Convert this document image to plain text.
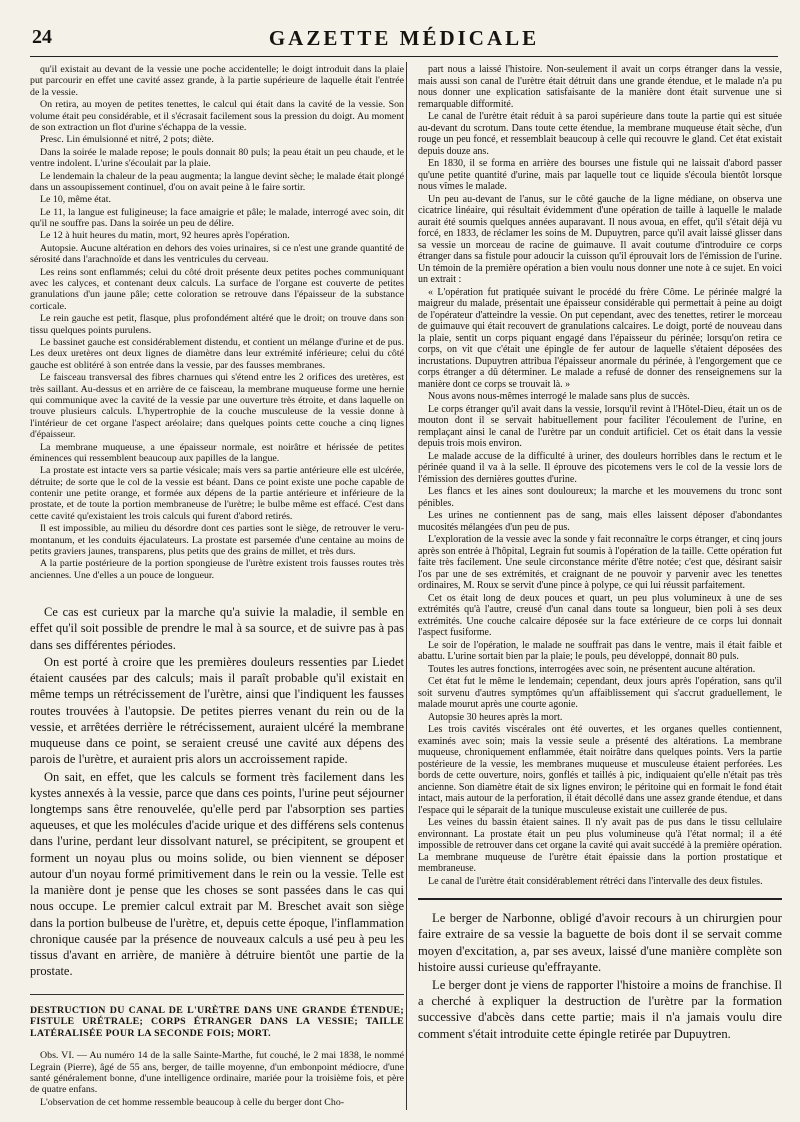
24	GAZETTE MÉDICALE

qu'il existait au devant de la vessie une poche accidentelle; le doigt introduit dans la plaie put parcourir en effet une cavité assez grande, à la partie supérieure de laquelle était l'entrée de la vessie.

On retira, au moyen de petites tenettes, le calcul qui était dans la cavité de la vessie. Son volume était peu considérable, et il s'écrasait facilement sous la pression du doigt. Au moment de son extraction un flot d'urine s'échappa de la vessie.

Presc. Lin émulsionné et nitré, 2 pots; diète.

Dans la soirée le malade repose; le pouls donnait 80 puls; la peau était un peu chaude, et le ventre indolent. L'urine s'écoulait par la plaie.

Le lendemain la chaleur de la peau augmenta; la langue devint sèche; le malade était plongé dans un assoupissement continuel, d'ou on avait peine à le faire sortir.

Le 10, même état.

Le 11, la langue est fuligineuse; la face amaigrie et pâle; le malade, interrogé avec soin, dit qu'il ne souffre pas. Dans la soirée un peu de délire.

Le 12 à huit heures du matin, mort, 92 heures après l'opération.

Autopsie. Aucune altération en dehors des voies urinaires, si ce n'est une grande quantité de sérosité dans l'arachnoïde et dans les ventricules du cerveau.

Les reins sont enflammés; celui du côté droit présente deux petites poches communiquant avec les calyces, et contenant deux calculs. La surface de l'organe est couverte de petites granulations d'un jaune pâle; cette coloration se retrouve dans l'épaisseur de la substance corticale.

Le rein gauche est petit, flasque, plus profondément altéré que le droit; on trouve dans son tissu quelques points purulens.

Le bassinet gauche est considérablement distendu, et contient un mélange d'urine et de pus. Les deux uretères ont deux lignes de diamètre dans leur extrémité inférieure; celui du côté gauche est oblitéré à son entrée dans la vessie, par des fausses membranes.

Le faisceau transversal des fibres charnues qui s'étend entre les 2 orifices des uretères, est très saillant. Au-dessus et en arrière de ce faisceau, la membrane muqueuse forme une hernie qui communique avec la cavité de la vessie par une ouverture très étroite, et dans laquelle on trouve plusieurs calculs. L'hypertrophie de la couche musculeuse de la vessie donne à l'intérieur de cet organe l'aspect aréolaire; dans quelques points cette couche a cinq lignes d'épaisseur.

La membrane muqueuse, a une épaisseur normale, est noirâtre et hérissée de petites éminences qui ressemblent beaucoup aux papilles de la langue.

La prostate est intacte vers sa partie vésicale; mais vers sa partie antérieure elle est ulcérée, détruite; de sorte que le col de la vessie est béant. Dans ce point existe une poche capable de contenir une petite orange, et formée aux dépens de la partie antérieure et inférieure de la prostate, et de toute la portion membraneuse de l'urètre; le bulbe même est effacé. C'est dans cette cavité qu'existaient les trois calculs qui furent d'abord retirés.

Il est impossible, au milieu du désordre dont ces parties sont le siège, de retrouver le veru-montanum, et les conduits éjaculateurs. La prostate est parsemée d'une centaine au moins de petits graviers jaunes, transparens, plus petits que des grains de millet, et très durs.

A la partie postérieure de la portion spongieuse de l'urètre existent trois fausses routes très anciennes. Une d'elles a un pouce de longueur.

Ce cas est curieux par la marche qu'a suivie la maladie, il semble en effet qu'il soit possible de prendre le mal à sa source, et de suivre pas à pas dans ses différentes périodes.

On est porté à croire que les premières douleurs ressenties par Liedet étaient causées par des calculs; mais il paraît probable qu'il existait en même temps un rétrécissement de l'urètre, ainsi que l'indiquent les fausses routes trouvées à l'autopsie. De petites pierres venant du rein ou de la vessie, et arrêtées derrière le rétrécissement, auraient ulcéré la membrane muqueuse dans ce point, se seraient creusé une cavité aux dépens des parois de l'urètre, et auraient pris alors un accroissement rapide.

On sait, en effet, que les calculs se forment très facilement dans les kystes annexés à la vessie, parce que dans ces points, l'urine peut séjourner longtemps sans être renouvelée, qu'elle perd par l'absorption ses parties aqueuses, et que les molécules d'acide urique et des différens sels contenus dans l'urine, perdant leur dissolvant naturel, se précipitent, se groupent et forment un noyau plus ou moins solide, ou bien viennent se déposer autour d'un noyau formé primitivement dans le rein ou la vessie. Telle est la manière dont je pense que les choses se sont passées dans le cas qui nous occupe. Le premier calcul extrait par M. Breschet avait son siège dans la portion bulbeuse de l'urètre, et, depuis cette époque, l'inflammation chronique causée par la présence de nouveaux calculs a usé peu à peu les tissus d'avant en arrière, de manière à détruire bientôt une partie de la prostate.

DESTRUCTION DU CANAL DE L'URÈTRE DANS UNE GRANDE ÉTENDUE; FISTULE URÉTRALE; CORPS ÉTRANGER DANS LA VESSIE; TAILLE LATÉRALISÉE POUR LA SECONDE FOIS; MORT.

Obs. VI. — Au numéro 14 de la salle Sainte-Marthe, fut couché, le 2 mai 1838, le nommé Legrain (Pierre), âgé de 55 ans, berger, de taille moyenne, d'un embonpoint médiocre, d'une santé généralement bonne, d'une intelligence ordinaire, mariée pour la troisième fois, et père de quatre enfans.

L'observation de cet homme ressemble beaucoup à celle du berger dont Cho-

part nous a laissé l'histoire. Non-seulement il avait un corps étranger dans la vessie, mais aussi son canal de l'urètre était détruit dans une grande étendue, et le malade n'a pu nous donner une explication satisfaisante de la manière dont était survenue une si remarquable difformité.

Le canal de l'urètre était réduit à sa paroi supérieure dans toute la partie qui est située au-devant du scrotum. Dans toute cette étendue, la membrane muqueuse était sèche, d'un rouge un peu foncé, et ressemblait beaucoup à celle qui recouvre le gland. Cet état existait depuis douze ans.

En 1830, il se forma en arrière des bourses une fistule qui ne laissait d'abord passer qu'une petite quantité d'urine, mais par laquelle tout ce liquide s'écoula bientôt lorsque nous vîmes le malade.

Un peu au-devant de l'anus, sur le côté gauche de la ligne médiane, on observa une cicatrice linéaire, qui résultait évidemment d'une opération de taille à laquelle le malade aurait été soumis quelques années auparavant. Il nous avoua, en effet, qu'il s'était déjà vu forcé, en 1833, de réclamer les soins de M. Dupuytren, parce qu'il avait laissé glisser dans sa vessie un morceau de racine de guimauve. Il avait coutume d'introduire ce corps étranger dans sa fistule pour adoucir la cuisson qu'il éprouvait lors de l'émission de l'urine. Un témoin de la première opération a bien voulu nous donner une note à ce sujet. En voici un extrait :

« L'opération fut pratiquée suivant le procédé du frère Côme. Le périnée malgré la maigreur du malade, présentait une épaisseur considérable qui permettait à peine au doigt de l'opérateur d'atteindre la vessie. On put cependant, avec des tenettes, retirer le morceau de guimauve qui était recouvert de granulations calcaires. Le doigt, porté de nouveau dans la plaie, sentit un corps piquant engagé dans l'épaisseur du périnée; lorsqu'on retira ce corps, on vit que c'était une épingle de fer autour de laquelle s'étaient déposées des incrustations. Dupuytren attribua l'épaisseur anormale du périnée, à l'engorgement que ce corps étranger a dû déterminer. Le malade a refusé de donner des renseignemens sur la manière dont ce corps se trouvait là. »

Nous avons nous-mêmes interrogé le malade sans plus de succès.

Le corps étranger qu'il avait dans la vessie, lorsqu'il revint à l'Hôtel-Dieu, était un os de mouton dont il se servait habituellement pour faciliter l'écoulement de l'urine, en remplaçant ainsi le canal de l'urètre par un conduit artificiel. Cet os était dans la vessie depuis trois mois environ.

Le malade accuse de la difficulté à uriner, des douleurs horribles dans le rectum et le périnée quand il va à la selle. Il éprouve des picotemens vers le col de la vessie lors de l'émission des dernières gouttes d'urine.

Les flancs et les aines sont douloureux; la marche et les mouvemens du tronc sont pénibles.

Les urines ne contiennent pas de sang, mais elles laissent déposer d'abondantes mucosités mélangées d'un peu de pus.

L'exploration de la vessie avec la sonde y fait reconnaître le corps étranger, et cinq jours après son entrée à l'hôpital, Legrain fut soumis à l'opération de la taille. Cette opération fut faite très facilement. Une seule circonstance mérite d'être notée; c'est que, désirant saisir l'os par une de ses extrémités, et craignant de ne pouvoir y parvenir avec les tenettes ordinaires, M. Roux se servit d'une pince à polype, ce qui lui réussit parfaitement.

Cet os était long de deux pouces et quart, un peu plus volumineux à une de ses extrémités qu'à l'autre, creusé d'un canal dans toute sa longueur, bien poli à ses deux extrémités. Une couche calcaire déposée sur la face extérieure de ce corps lui donnait l'aspect fusiforme.

Le soir de l'opération, le malade ne souffrait pas dans le ventre, mais il était faible et abattu. L'urine sortait bien par la plaie; le pouls, peu développé, donnait 80 puls.

Toutes les autres fonctions, interrogées avec soin, ne présentent aucune altération.

Cet état fut le même le lendemain; cependant, deux jours après l'opération, sans qu'il soit survenu d'autres symptômes qu'un affaiblissement qui s'accrut graduellement, le malade mourut après une courte agonie.

Autopsie 30 heures après la mort.

Les trois cavités viscérales ont été ouvertes, et les organes quelles contiennent, examinés avec soin; mais la vessie seule a présenté des altérations. La membrane muqueuse, chroniquement enflammée, était noirâtre dans quelques points. Vers la partie postérieure de la vessie, les membranes muqueuse et musculeuse étaient perforées. Les bords de cette ouverture, noirs, gonflés et taillés à pic, indiquaient qu'elle n'était pas très ancienne. Son diamètre était de six lignes environ; le péritoine qui en formait le fond était intact, mais autour de la perforation, il était décollé dans une assez grande étendue, et dans l'espace qui le séparait de la tunique musculeuse existait une cuillerée de pus.

Les veines du bassin étaient saines. Il n'y avait pas de pus dans le tissu cellulaire environnant. La prostate était un peu plus volumineuse qu'à l'état normal; il a été impossible de retrouver dans cet organe la cavité qui avait succédé à la première opération. La membrane muqueuse de l'urètre était épaissie dans la portion prostatique et membraneuse.

Le canal de l'urètre était considérablement rétréci dans l'intervalle des deux fistules.

Le berger de Narbonne, obligé d'avoir recours à un chirurgien pour faire extraire de sa vessie la baguette de bois dont il se servait comme moyen d'excitation, a, par ses aveux, laissé d'une manière complète son histoire aussi curieuse qu'effrayante.

Le berger dont je viens de rapporter l'histoire a moins de franchise. Il a cherché à expliquer la destruction de l'urètre par la formation successive d'abcès dans cette partie; mais il n'a jamais voulu dire comment s'était introduite cette épingle retirée par Dupuytren.
